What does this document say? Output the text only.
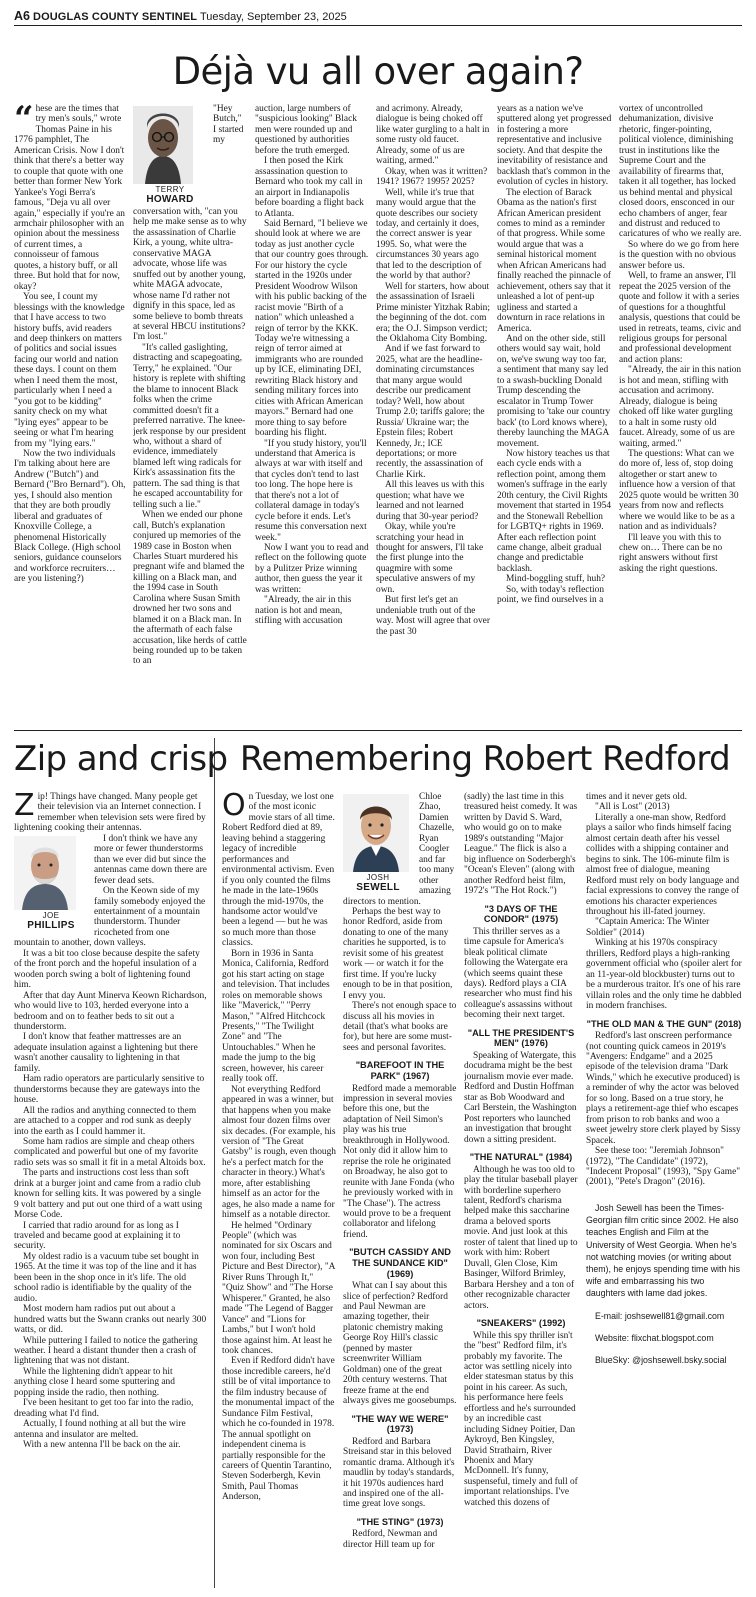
A6 DOUGLAS COUNTY SENTINEL Tuesday, September 23, 2025
Déjà vu all over again?

“ hese are the times that try men's souls," wrote Thomas Paine in his 1776 pamphlet, The American Crisis. Now I don't think that there's a better way to couple that quote with one better than former New York Yankee's Yogi Berra's famous, "Deja vu all over again," especially if you're an armchair philosopher with an opinion about the messiness of current times, a connoisseur of famous quotes, a history buff, or all three. But hold that for now, okay?

You see, I count my blessings with the knowledge that I have access to two history buffs, avid readers and deep thinkers on matters of politics and social issues facing our world and nation these days. I count on them when I need them the most, particularly when I need a "you got to be kidding" sanity check on my what "lying eyes" appear to be seeing or what I'm hearing from my "lying ears."

Now the two individuals I'm talking about here are Andrew ("Butch") and Bernard ("Bro Bernard"). Oh, yes, I should also mention that they are both proudly liberal and graduates of Knoxville College, a phenomenal Historically Black College. (High school seniors, guidance counselors and workforce recruiters… are you listening?)

TERRY
HOWARD

"Hey Butch," I started my conversation with, "can you help me make sense as to why the assassination of Charlie Kirk, a young, white ultra-conservative MAGA advocate, whose life was snuffed out by another young, white MAGA advocate, whose name I'd rather not dignify in this space, led as some believe to bomb threats at several HBCU institutions? I'm lost."

"It's called gaslighting, distracting and scapegoating, Terry," he explained. "Our history is replete with shifting the blame to innocent Black folks when the crime committed doesn't fit a preferred narrative. The knee-jerk response by our president who, without a shard of evidence, immediately blamed left wing radicals for Kirk's assassination fits the pattern. The sad thing is that he escaped accountability for telling such a lie."

When we ended our phone call, Butch's explanation conjured up memories of the 1989 case in Boston when Charles Stuart murdered his pregnant wife and blamed the killing on a Black man, and the 1994 case in South Carolina where Susan Smith drowned her two sons and blamed it on a Black man. In the aftermath of each false accusation, like herds of cattle being rounded up to be taken to an

auction, large numbers of "suspicious looking" Black men were rounded up and questioned by authorities before the truth emerged.

I then posed the Kirk assassination question to Bernard who took my call in an airport in Indianapolis before boarding a flight back to Atlanta.

Said Bernard, "I believe we should look at where we are today as just another cycle that our country goes through. For our history the cycle started in the 1920s under President Woodrow Wilson with his public backing of the racist movie "Birth of a nation" which unleashed a reign of terror by the KKK. Today we're witnessing a reign of terror aimed at immigrants who are rounded up by ICE, eliminating DEI, rewriting Black history and sending military forces into cities with African American mayors." Bernard had one more thing to say before boarding his flight.

"If you study history, you'll understand that America is always at war with itself and that cycles don't tend to last too long. The hope here is that there's not a lot of collateral damage in today's cycle before it ends. Let's resume this conversation next week."

Now I want you to read and reflect on the following quote by a Pulitzer Prize winning author, then guess the year it was written:

"Already, the air in this nation is hot and mean, stifling with accusation

and acrimony. Already, dialogue is being choked off like water gurgling to a halt in some rusty old faucet. Already, some of us are waiting, armed."

Okay, when was it written? 1941? 1967? 1995? 2025?

Well, while it's true that many would argue that the quote describes our society today, and certainly it does, the correct answer is year 1995. So, what were the circumstances 30 years ago that led to the description of the world by that author?

Well for starters, how about the assassination of Israeli Prime minister Yitzhak Rabin; the beginning of the dot. com era; the O.J. Simpson verdict; the Oklahoma City Bombing.

And if we fast forward to 2025, what are the headline-dominating circumstances that many argue would describe our predicament today? Well, how about Trump 2.0; tariffs galore; the Russia/ Ukraine war; the Epstein files; Robert Kennedy, Jr.; ICE deportations; or more recently, the assassination of Charlie Kirk.

All this leaves us with this question; what have we learned and not learned during that 30-year period?

Okay, while you're scratching your head in thought for answers, I'll take the first plunge into the quagmire with some speculative answers of my own.

But first let's get an undeniable truth out of the way. Most will agree that over the past 30

years as a nation we've sputtered along yet progressed in fostering a more representative and inclusive society. And that despite the inevitability of resistance and backlash that's common in the evolution of cycles in history.

The election of Barack Obama as the nation's first African American president comes to mind as a reminder of that progress. While some would argue that was a seminal historical moment when African Americans had finally reached the pinnacle of achievement, others say that it unleashed a lot of pent-up ugliness and started a downturn in race relations in America.

And on the other side, still others would say wait, hold on, we've swung way too far, a sentiment that many say led to a swash-buckling Donald Trump descending the escalator in Trump Tower promising to 'take our country back' (to Lord knows where), thereby launching the MAGA movement.

Now history teaches us that each cycle ends with a reflection point, among them women's suffrage in the early 20th century, the Civil Rights movement that started in 1954 and the Stonewall Rebellion for LGBTQ+ rights in 1969. After each reflection point came change, albeit gradual change and predictable backlash.

Mind-boggling stuff, huh?

So, with today's reflection point, we find ourselves in a

vortex of uncontrolled dehumanization, divisive rhetoric, finger-pointing, political violence, diminishing trust in institutions like the Supreme Court and the availability of firearms that, taken it all together, has locked us behind mental and physical closed doors, ensconced in our echo chambers of anger, fear and distrust and reduced to caricatures of who we really are.

So where do we go from here is the question with no obvious answer before us.

Well, to frame an answer, I'll repeat the 2025 version of the quote and follow it with a series of questions for a thoughtful analysis, questions that could be used in retreats, teams, civic and religious groups for personal and professional development and action plans:

"Already, the air in this nation is hot and mean, stifling with accusation and acrimony. Already, dialogue is being choked off like water gurgling to a halt in some rusty old faucet. Already, some of us are waiting, armed."

The questions: What can we do more of, less of, stop doing altogether or start anew to influence how a version of that 2025 quote would be written 30 years from now and reflects where we would like to be as a nation and as individuals?

I'll leave you with this to chew on… There can be no right answers without first asking the right questions.

Zip and crisp

Zip! Things have changed. Many people get their television via an Internet connection. I remember when television sets were fired by lightening cooking their antennas.

JOE
PHILLIPS

I don't think we have any more or fewer thunderstorms than we ever did but since the antennas came down there are fewer dead sets.

On the Keown side of my family somebody enjoyed the entertainment of a mountain thunderstorm. Thunder ricocheted from one mountain to another, down valleys.

It was a bit too close because despite the safety of the front porch and the hopeful insulation of a wooden porch swing a bolt of lightening found him.

After that day Aunt Minerva Keown Richardson, who would live to 103, herded everyone into a bedroom and on to feather beds to sit out a thunderstorm.

I don't know that feather mattresses are an adequate insulation against a lightening but there wasn't another causality to lightening in that family.

Ham radio operators are particularly sensitive to thunderstorms because they are gateways into the house.

All the radios and anything connected to them are attached to a copper and rod sunk as deeply into the earth as I could hammer it.

Some ham radios are simple and cheap others complicated and powerful but one of my favorite radio sets was so small it fit in a metal Altoids box.

The parts and instructions cost less than soft drink at a burger joint and came from a radio club known for selling kits. It was powered by a single 9 volt battery and put out one third of a watt using Morse Code.

I carried that radio around for as long as I traveled and became good at explaining it to security.

My oldest radio is a vacuum tube set bought in 1965. At the time it was top of the line and it has been been in the shop once in it's life. The old school radio is identifiable by the quality of the audio.

Most modern ham radios put out about a hundred watts but the Swann cranks out nearly 300 watts, or did.

While puttering I failed to notice the gathering weather. I heard a distant thunder then a crash of lightening that was not distant.

While the lightening didn't appear to hit anything close I heard some sputtering and popping inside the radio, then nothing.

I've been hesitant to get too far into the radio, dreading what I'd find.

Actually, I found nothing at all but the wire antenna and insulator are melted.

With a new antenna I'll be back on the air.

Remembering Robert Redford

On Tuesday, we lost one of the most iconic movie stars of all time. Robert Redford died at 89, leaving behind a staggering legacy of incredible performances and environmental activism. Even if you only counted the films he made in the late-1960s through the mid-1970s, the handsome actor would've been a legend — but he was so much more than those classics.

Born in 1936 in Santa Monica, California, Redford got his start acting on stage and television. That includes roles on memorable shows like "Maverick," "Perry Mason," "Alfred Hitchcock Presents," "The Twilight Zone" and "The Untouchables." When he made the jump to the big screen, however, his career really took off.

Not everything Redford appeared in was a winner, but that happens when you make almost four dozen films over six decades. (For example, his version of "The Great Gatsby" is rough, even though he's a perfect match for the character in theory.) What's more, after establishing himself as an actor for the ages, he also made a name for himself as a notable director.

He helmed "Ordinary People" (which was nominated for six Oscars and won four, including Best Picture and Best Director), "A River Runs Through It," "Quiz Show" and "The Horse Whisperer." Granted, he also made "The Legend of Bagger Vance" and "Lions for Lambs," but I won't hold those against him. At least he took chances.

Even if Redford didn't have those incredible careers, he'd still be of vital importance to the film industry because of the monumental impact of the Sundance Film Festival, which he co-founded in 1978. The annual spotlight on independent cinema is partially responsible for the careers of Quentin Tarantino, Steven Soderbergh, Kevin Smith, Paul Thomas Anderson,

JOSH
SEWELL

Chloe Zhao, Damien Chazelle, Ryan Coogler and far too many other amazing directors to mention.

Perhaps the best way to honor Redford, aside from donating to one of the many charities he supported, is to revisit some of his greatest work — or watch it for the first time. If you're lucky enough to be in that position, I envy you.

There's not enough space to discuss all his movies in detail (that's what books are for), but here are some must-sees and personal favorites.

"BAREFOOT IN THE PARK" (1967)

Redford made a memorable impression in several movies before this one, but the adaptation of Neil Simon's play was his true breakthrough in Hollywood. Not only did it allow him to reprise the role he originated on Broadway, he also got to reunite with Jane Fonda (who he previously worked with in "The Chase"). The actress would prove to be a frequent collaborator and lifelong friend.

"BUTCH CASSIDY AND THE SUNDANCE KID" (1969)

What can I say about this slice of perfection? Redford and Paul Newman are amazing together, their platonic chemistry making George Roy Hill's classic (penned by master screenwriter William Goldman) one of the great 20th century westerns. That freeze frame at the end always gives me goosebumps.

"THE WAY WE WERE" (1973)

Redford and Barbara Streisand star in this beloved romantic drama. Although it's maudlin by today's standards, it hit 1970s audiences hard and inspired one of the all-time great love songs.

"THE STING" (1973)

Redford, Newman and director Hill team up for

(sadly) the last time in this treasured heist comedy. It was written by David S. Ward, who would go on to make 1989's outstanding "Major League." The flick is also a big influence on Soderbergh's "Ocean's Eleven" (along with another Redford heist film, 1972's "The Hot Rock.")

"3 DAYS OF THE CONDOR" (1975)

This thriller serves as a time capsule for America's bleak political climate following the Watergate era (which seems quaint these days). Redford plays a CIA researcher who must find his colleague's assassins without becoming their next target.

"ALL THE PRESIDENT'S MEN" (1976)

Speaking of Watergate, this docudrama might be the best journalism movie ever made. Redford and Dustin Hoffman star as Bob Woodward and Carl Berstein, the Washington Post reporters who launched an investigation that brought down a sitting president.

"THE NATURAL" (1984)

Although he was too old to play the titular baseball player with borderline superhero talent, Redford's charisma helped make this saccharine drama a beloved sports movie. And just look at this roster of talent that lined up to work with him: Robert Duvall, Glen Close, Kim Basinger, Wilford Brimley, Barbara Hershey and a ton of other recognizable character actors.

"SNEAKERS" (1992)

While this spy thriller isn't the "best" Redford film, it's probably my favorite. The actor was settling nicely into elder statesman status by this point in his career. As such, his performance here feels effortless and he's surrounded by an incredible cast including Sidney Poitier, Dan Aykroyd, Ben Kingsley, David Strathairn, River Phoenix and Mary McDonnell. It's funny, suspenseful, timely and full of important relationships. I've watched this dozens of

times and it never gets old.

"All is Lost" (2013)

Literally a one-man show, Redford plays a sailor who finds himself facing almost certain death after his vessel collides with a shipping container and begins to sink. The 106-minute film is almost free of dialogue, meaning Redford must rely on body language and facial expressions to convey the range of emotions his character experiences throughout his ill-fated journey.

"Captain America: The Winter Soldier" (2014)

Winking at his 1970s conspiracy thrillers, Redford plays a high-ranking government official who (spoiler alert for an 11-year-old blockbuster) turns out to be a murderous traitor. It's one of his rare villain roles and the only time he dabbled in modern franchises.

"THE OLD MAN & THE GUN" (2018)

Redford's last onscreen performance (not counting quick cameos in 2019's "Avengers: Endgame" and a 2025 episode of the television drama "Dark Winds," which he executive produced) is a reminder of why the actor was beloved for so long. Based on a true story, he plays a retirement-age thief who escapes from prison to rob banks and woo a sweet jewelry store clerk played by Sissy Spacek.

See these too: "Jeremiah Johnson" (1972), "The Candidate" (1972), "Indecent Proposal" (1993), "Spy Game" (2001), "Pete's Dragon" (2016).

Josh Sewell has been the Times-Georgian film critic since 2002. He also teaches English and Film at the University of West Georgia. When he's not watching movies (or writing about them), he enjoys spending time with his wife and embarrassing his two daughters with lame dad jokes.

E-mail: joshsewell81@gmail.com

Website: flixchat.blogspot.com

BlueSky: @joshsewell.bsky.social
